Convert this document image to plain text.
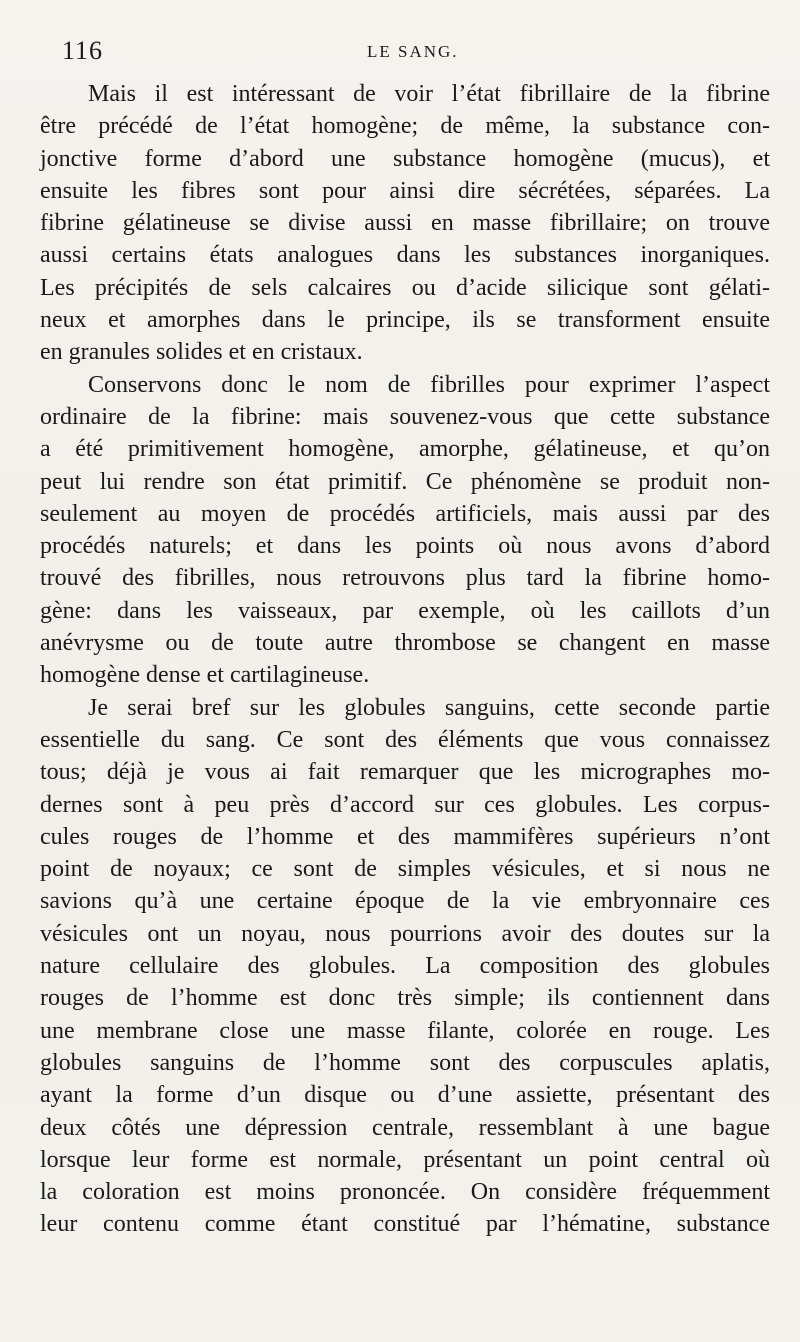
116	LE SANG.
Mais il est intéressant de voir l’état fibrillaire de la fibrine
être précédé de l’état homogène; de même, la substance con-
jonctive forme d’abord une substance homogène (mucus), et
ensuite les fibres sont pour ainsi dire sécrétées, séparées. La
fibrine gélatineuse se divise aussi en masse fibrillaire; on trouve
aussi certains états analogues dans les substances inorganiques.
Les précipités de sels calcaires ou d’acide silicique sont gélati-
neux et amorphes dans le principe, ils se transforment ensuite
en granules solides et en cristaux.
Conservons donc le nom de fibrilles pour exprimer l’aspect
ordinaire de la fibrine: mais souvenez-vous que cette substance
a été primitivement homogène, amorphe, gélatineuse, et qu’on
peut lui rendre son état primitif. Ce phénomène se produit non-
seulement au moyen de procédés artificiels, mais aussi par des
procédés naturels; et dans les points où nous avons d’abord
trouvé des fibrilles, nous retrouvons plus tard la fibrine homo-
gène: dans les vaisseaux, par exemple, où les caillots d’un
anévrysme ou de toute autre thrombose se changent en masse
homogène dense et cartilagineuse.
Je serai bref sur les globules sanguins, cette seconde partie
essentielle du sang. Ce sont des éléments que vous connaissez
tous; déjà je vous ai fait remarquer que les micrographes mo-
dernes sont à peu près d’accord sur ces globules. Les corpus-
cules rouges de l’homme et des mammifères supérieurs n’ont
point de noyaux; ce sont de simples vésicules, et si nous ne
savions qu’à une certaine époque de la vie embryonnaire ces
vésicules ont un noyau, nous pourrions avoir des doutes sur la
nature cellulaire des globules. La composition des globules
rouges de l’homme est donc très simple; ils contiennent dans
une membrane close une masse filante, colorée en rouge. Les
globules sanguins de l’homme sont des corpuscules aplatis,
ayant la forme d’un disque ou d’une assiette, présentant des
deux côtés une dépression centrale, ressemblant à une bague
lorsque leur forme est normale, présentant un point central où
la coloration est moins prononcée. On considère fréquemment
leur contenu comme étant constitué par l’hématine, substance
